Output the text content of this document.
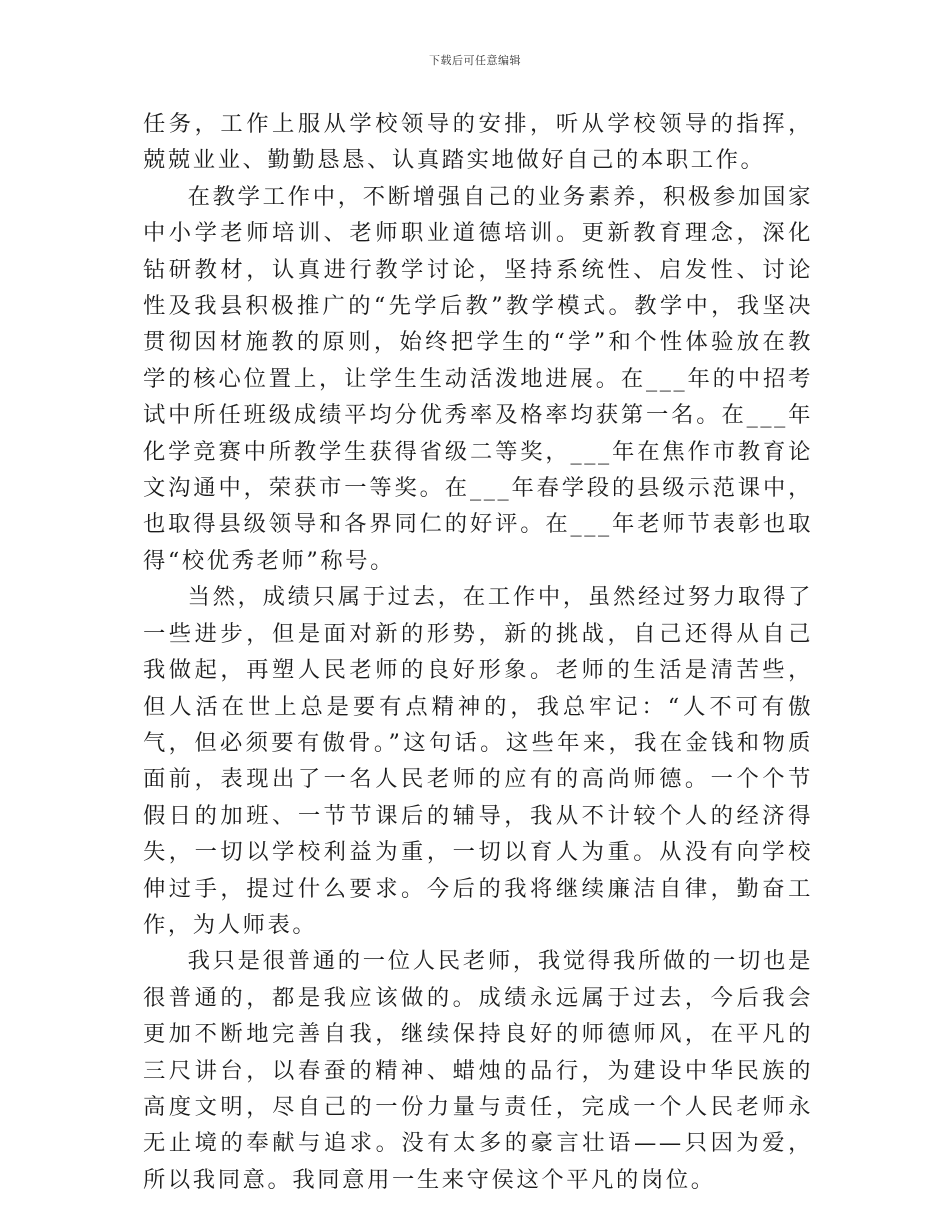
下载后可任意编辑

任务，工作上服从学校领导的安排，听从学校领导的指挥，兢兢业业、勤勤恳恳、认真踏实地做好自己的本职工作。

在教学工作中，不断增强自己的业务素养，积极参加国家中小学老师培训、老师职业道德培训。更新教育理念，深化钻研教材，认真进行教学讨论，坚持系统性、启发性、讨论性及我县积极推广的“先学后教”教学模式。教学中，我坚决贯彻因材施教的原则，始终把学生的“学”和个性体验放在教学的核心位置上，让学生生动活泼地进展。在___年的中招考试中所任班级成绩平均分优秀率及格率均获第一名。在___年化学竞赛中所教学生获得省级二等奖，___年在焦作市教育论文沟通中，荣获市一等奖。在___年春学段的县级示范课中，也取得县级领导和各界同仁的好评。在___年老师节表彰也取得“校优秀老师”称号。

当然，成绩只属于过去，在工作中，虽然经过努力取得了一些进步，但是面对新的形势，新的挑战，自己还得从自己我做起，再塑人民老师的良好形象。老师的生活是清苦些，但人活在世上总是要有点精神的，我总牢记：“人不可有傲气，但必须要有傲骨。”这句话。这些年来，我在金钱和物质面前，表现出了一名人民老师的应有的高尚师德。一个个节假日的加班、一节节课后的辅导，我从不计较个人的经济得失，一切以学校利益为重，一切以育人为重。从没有向学校伸过手，提过什么要求。今后的我将继续廉洁自律，勤奋工作，为人师表。

我只是很普通的一位人民老师，我觉得我所做的一切也是很普通的，都是我应该做的。成绩永远属于过去，今后我会更加不断地完善自我，继续保持良好的师德师风，在平凡的三尺讲台，以春蚕的精神、蜡烛的品行，为建设中华民族的高度文明，尽自己的一份力量与责任，完成一个人民老师永无止境的奉献与追求。没有太多的豪言壮语——只因为爱，所以我同意。我同意用一生来守侯这个平凡的岗位。
